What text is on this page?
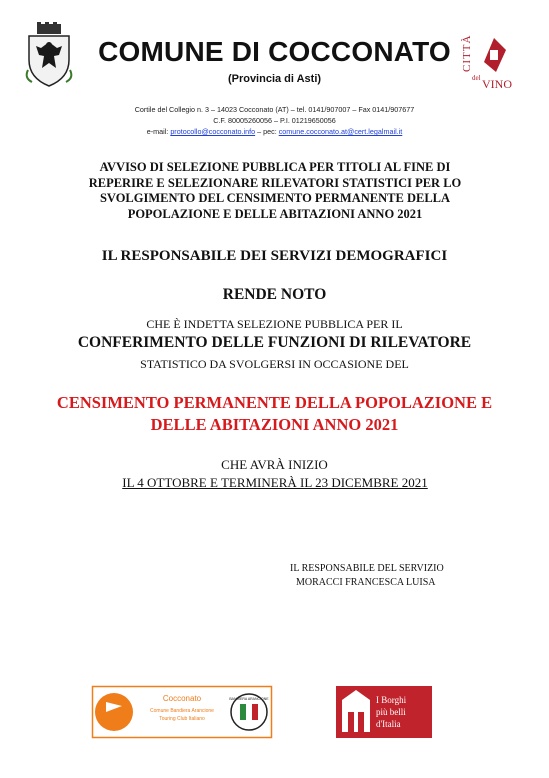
COMUNE DI COCCONATO
(Provincia di Asti)
CITTÀ
del VINO
Cortile del Collegio n. 3 – 14023 Cocconato (AT) – tel. 0141/907007 – Fax 0141/907677
C.F. 80005260056 – P.I. 01219650056
e-mail: protocollo@cocconato.info – pec: comune.cocconato.at@cert.legalmail.it
AVVISO DI SELEZIONE PUBBLICA PER TITOLI AL FINE DI
REPERIRE E SELEZIONARE RILEVATORI STATISTICI PER LO
SVOLGIMENTO DEL CENSIMENTO PERMANENTE DELLA
POPOLAZIONE E DELLE ABITAZIONI ANNO 2021
IL RESPONSABILE DEI SERVIZI DEMOGRAFICI
RENDE NOTO
CHE È INDETTA SELEZIONE PUBBLICA PER IL
CONFERIMENTO DELLE FUNZIONI DI RILEVATORE
STATISTICO DA SVOLGERSI IN OCCASIONE DEL
CENSIMENTO PERMANENTE DELLA POPOLAZIONE E
DELLE ABITAZIONI ANNO 2021
CHE AVRÀ INIZIO
IL 4 OTTOBRE E TERMINERÀ IL 23 DICEMBRE 2021
IL RESPONSABILE DEL SERVIZIO
MORACCI FRANCESCA LUISA
Cocconato
Comune Bandiera Arancione
Touring Club Italiano
BANDIERA ARANCIONE	I Borghi
più belli
d'Italia
